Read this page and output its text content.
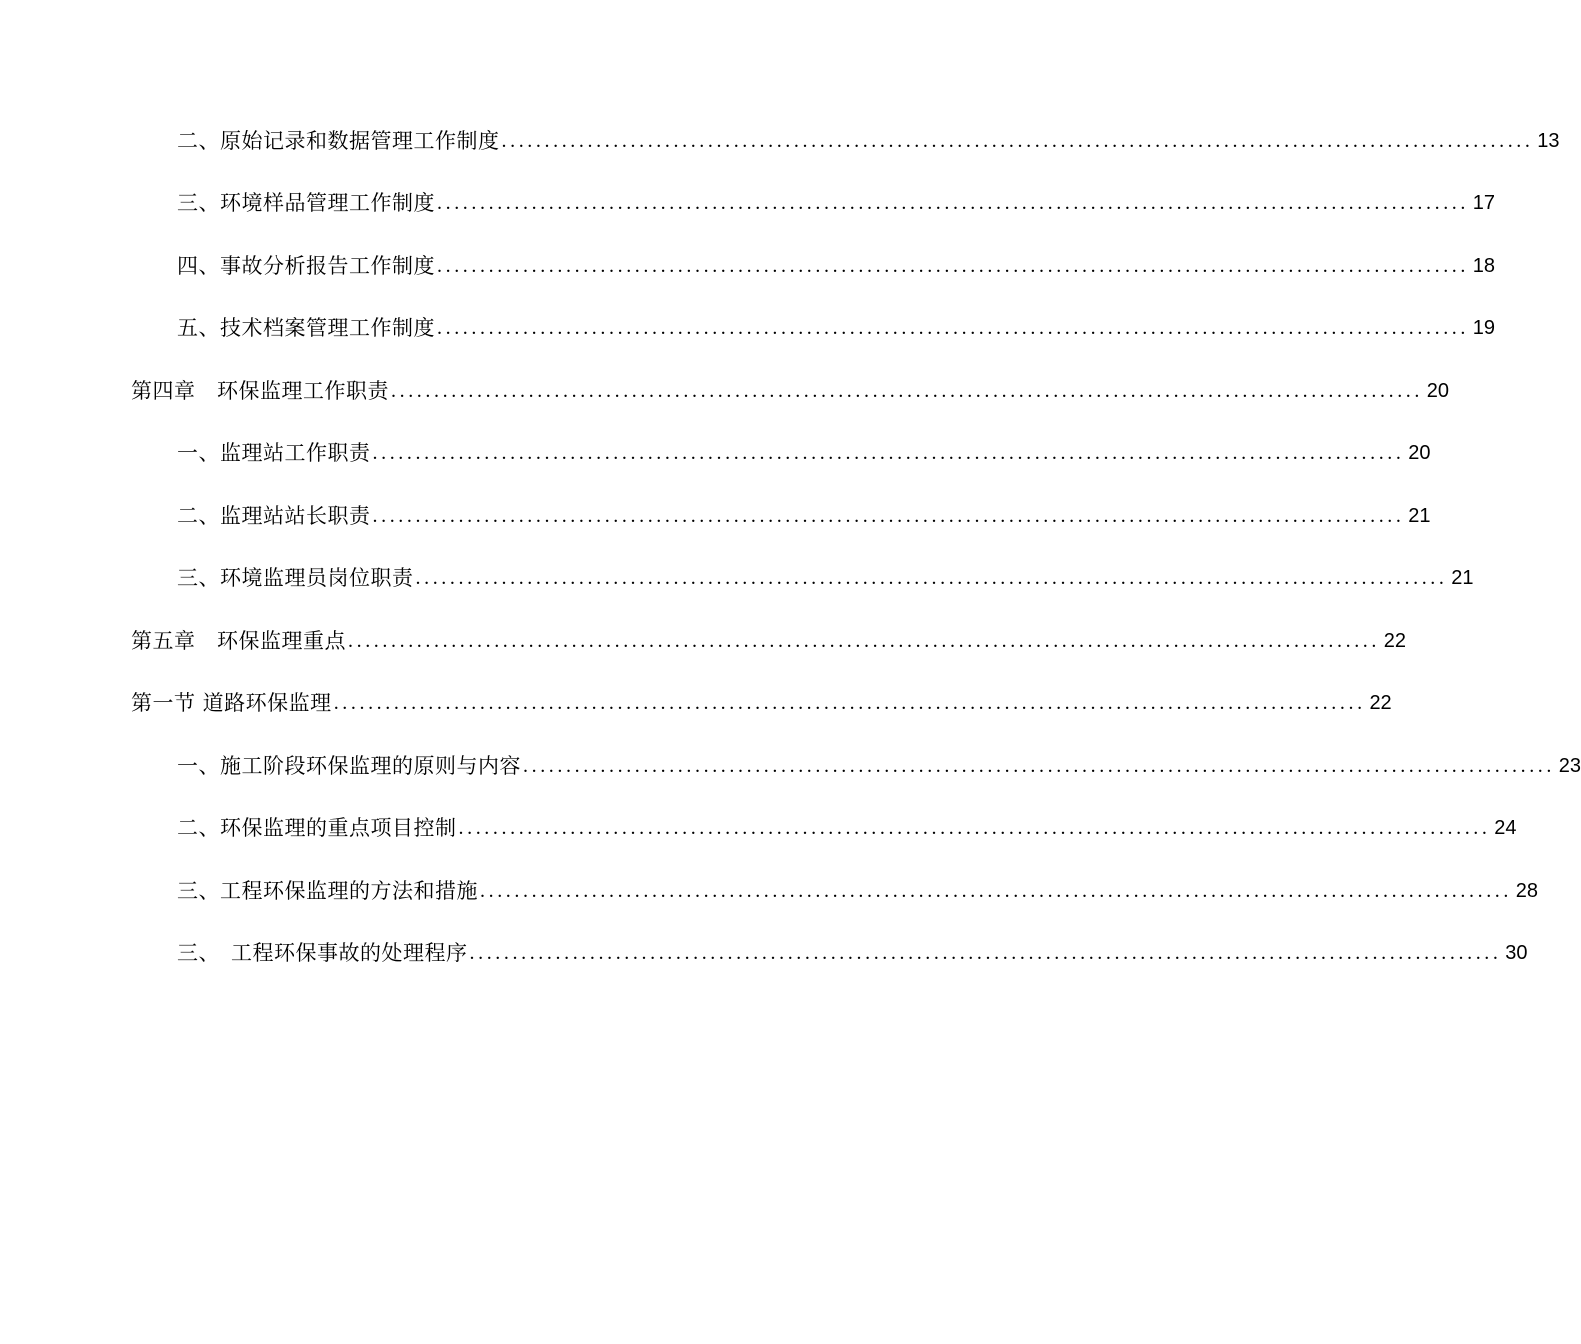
二、原始记录和数据管理工作制度 ........................................................................................................................ 13
三、环境样品管理工作制度 ........................................................................................................................ 17
四、事故分析报告工作制度 ........................................................................................................................ 18
五、技术档案管理工作制度 ........................................................................................................................ 19
第四章　环保监理工作职责 ........................................................................................................................ 20
一、监理站工作职责 ........................................................................................................................ 20
二、监理站站长职责 ........................................................................................................................ 21
三、环境监理员岗位职责 ........................................................................................................................ 21
第五章　环保监理重点 ........................................................................................................................ 22
第一节 道路环保监理 ........................................................................................................................ 22
一、施工阶段环保监理的原则与内容 ........................................................................................................................ 23
二、环保监理的重点项目控制 ........................................................................................................................ 24
三、工程环保监理的方法和措施 ........................................................................................................................ 28
三、　工程环保事故的处理程序 ........................................................................................................................ 30
